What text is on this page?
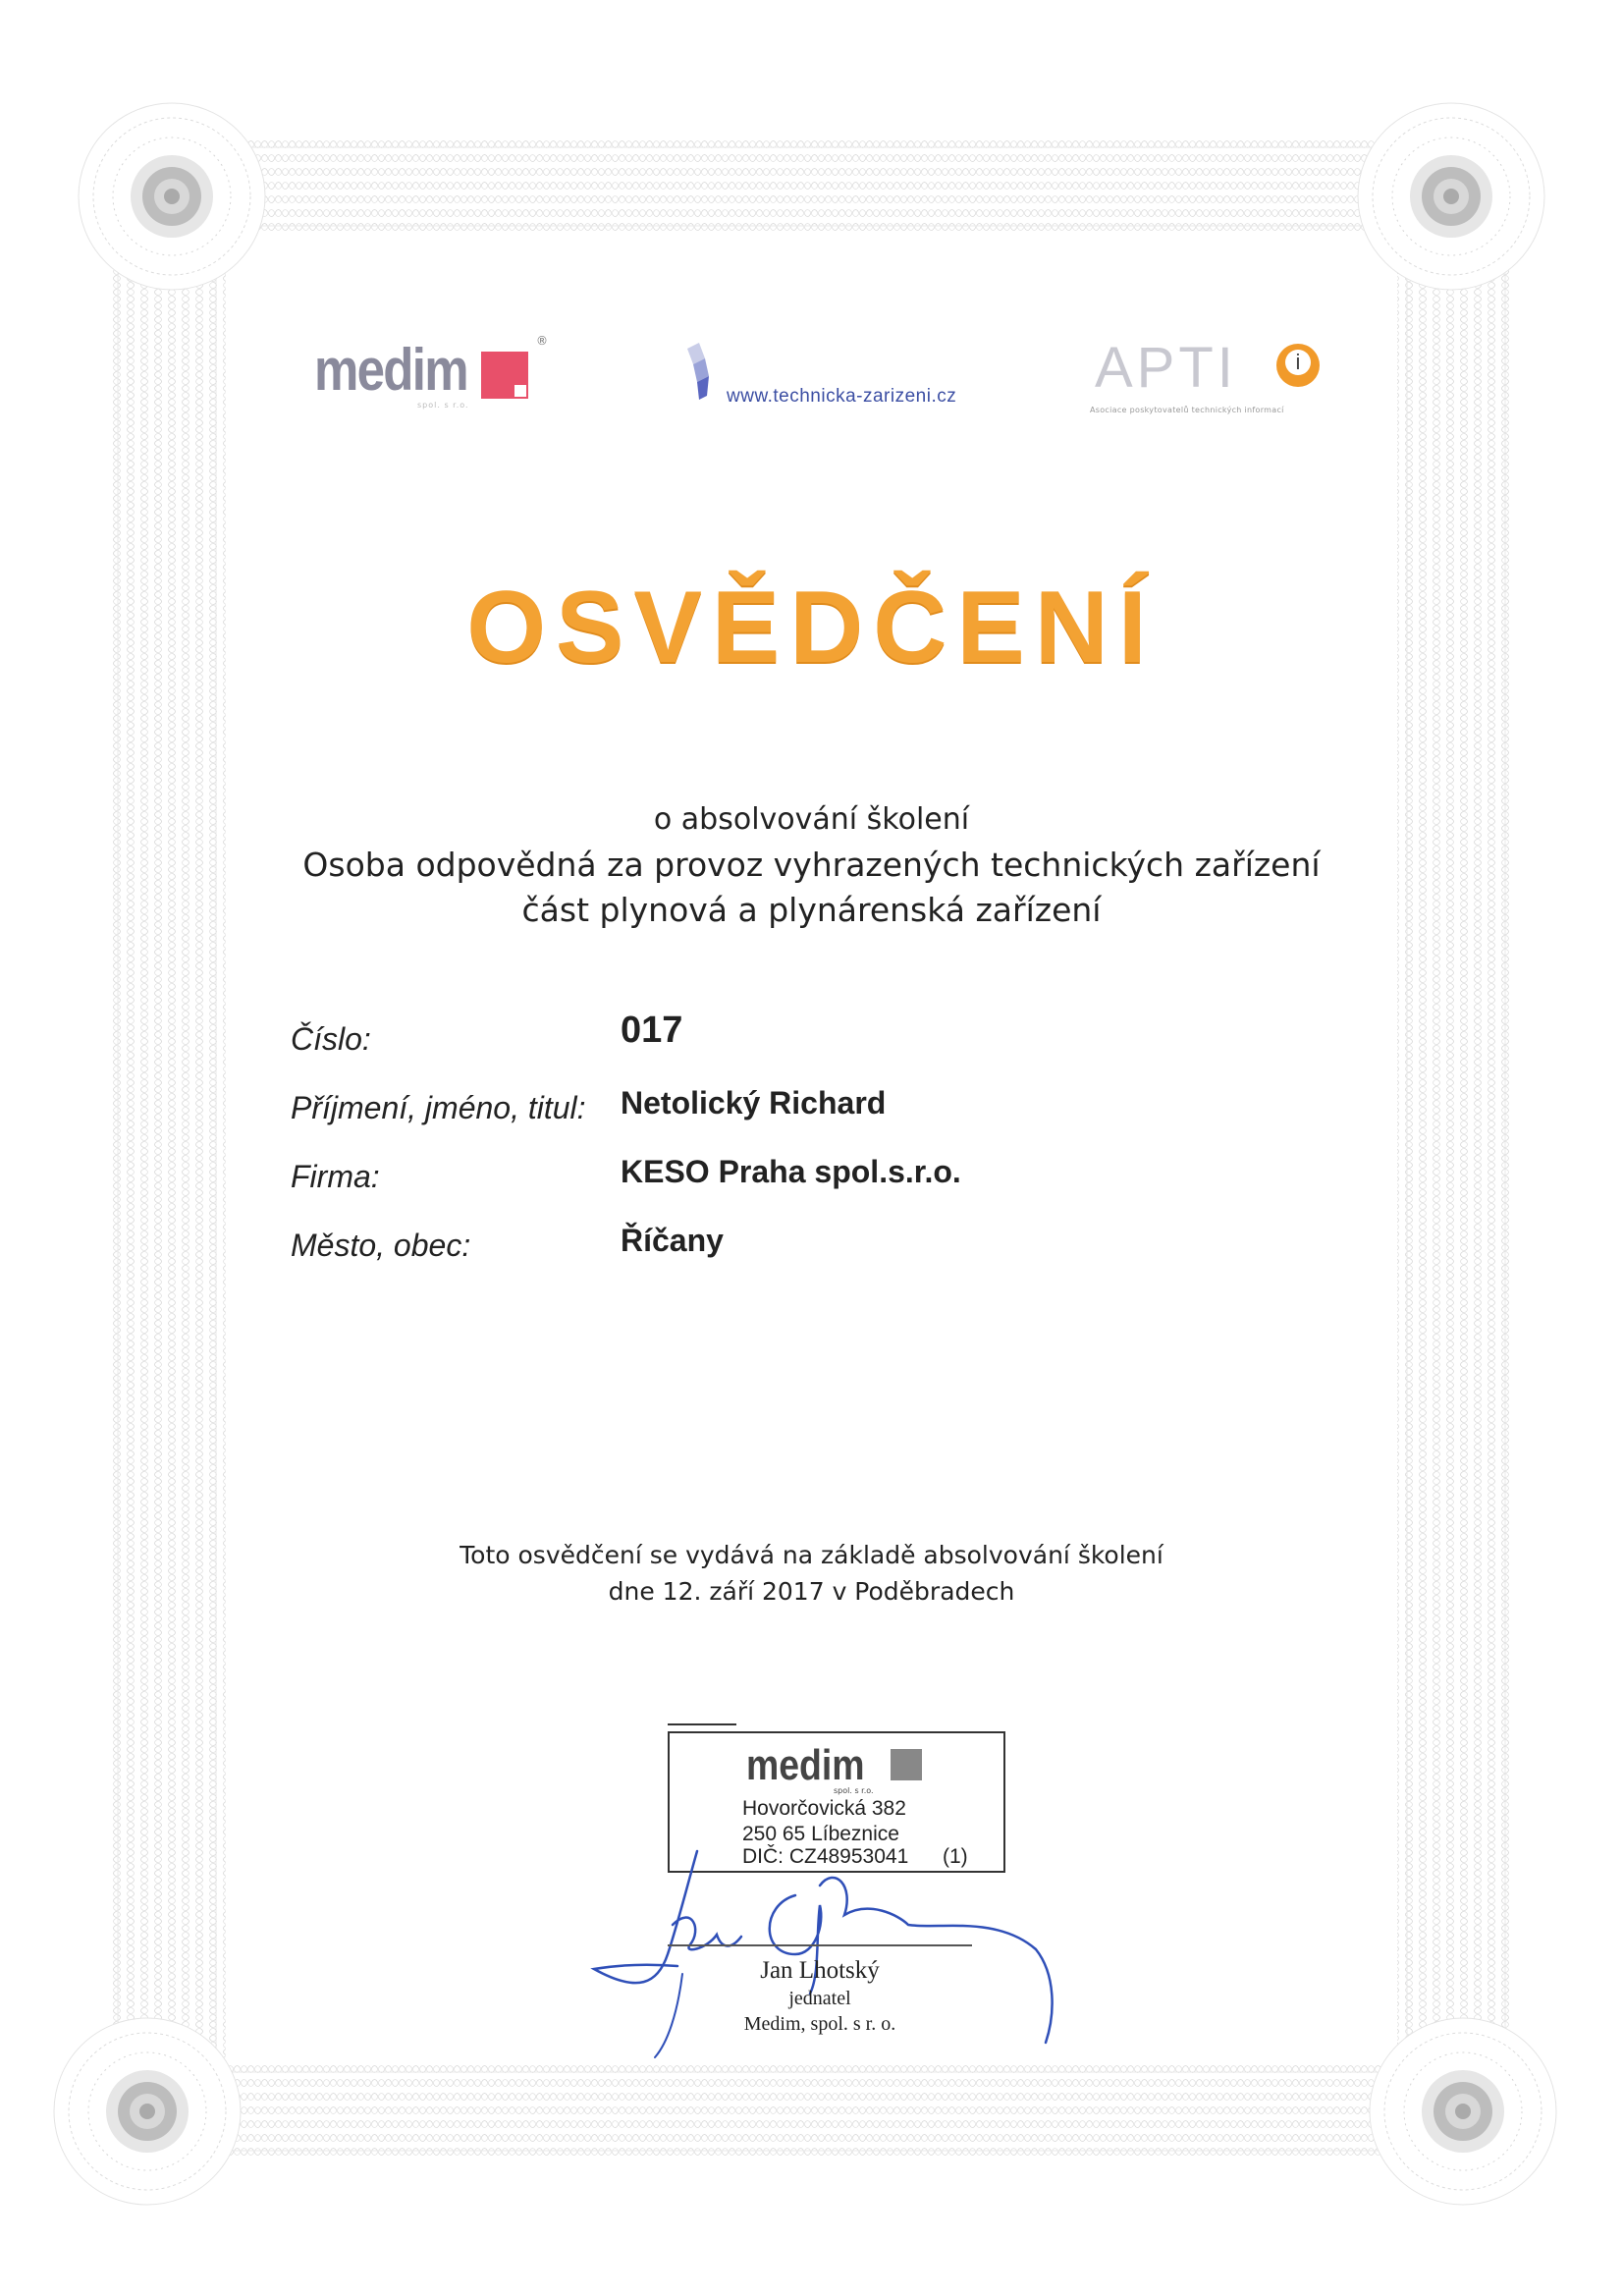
medim	®
spol. s r.o.	www.technicka-zarizeni.cz APTI
i
Asociace poskytovatelů technických informací
OSVĚDČENÍ
o absolvování školení
Osoba odpovědná za provoz vyhrazených technických zařízení
část plynová a plynárenská zařízení
Číslo:	017
Příjmení, jméno, titul: Netolický Richard
Firma:	KESO Praha spol.s.r.o.
Město, obec:	Říčany
Toto osvědčení se vydává na základě absolvování školení
dne 12. září 2017 v Poděbradech
medim
spol. s r.o.
Hovorčovická 382
250 65 Líbeznice
DIČ: CZ48953041 (1)
Jan Lhotský
jednatel
Medim, spol. s r. o.
